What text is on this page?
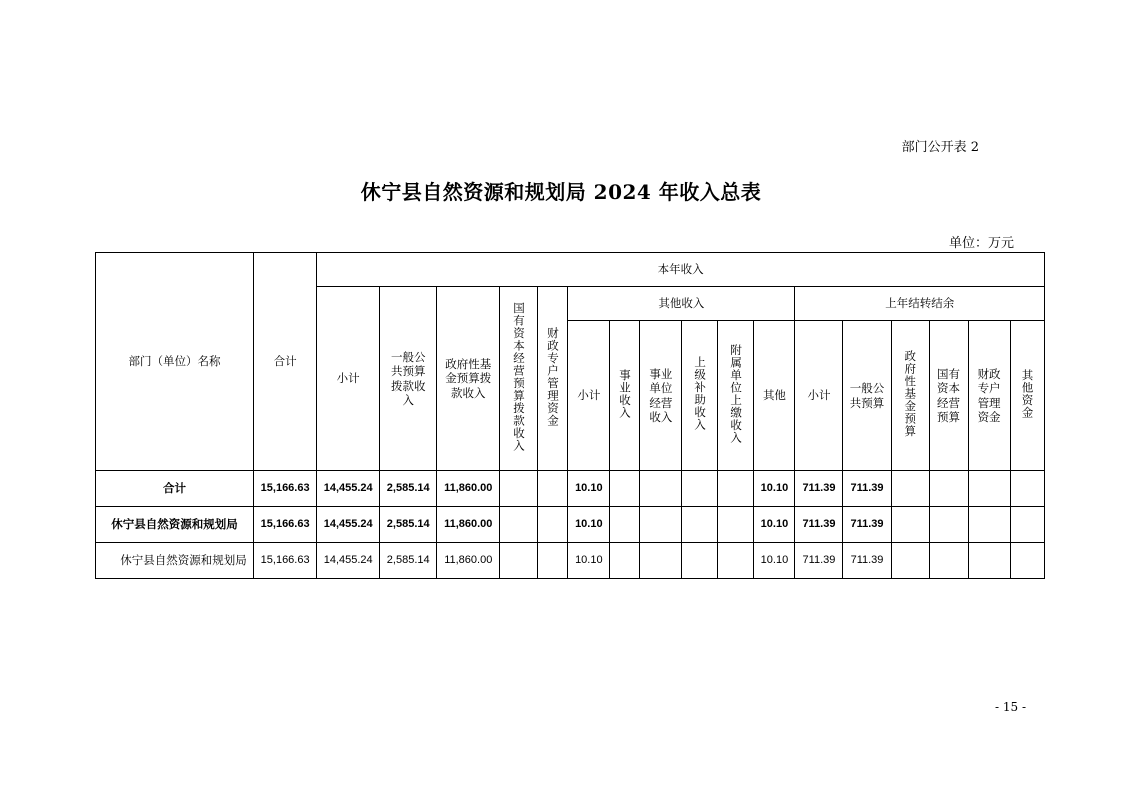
部门公开表 2
休宁县自然资源和规划局 2024 年收入总表
单位：万元
部门（单位）名称	合计	本年收入																
		小计	一般公共预算拨款收入	政府性基金预算拨款收入	国有资本经营预算拨款收入	财政专户管理资金	其他收入						上年结转结余					
							小计	事业收入	事业单位经营收入	上级补助收入	附属单位上缴收入	其他	小计	一般公共预算	政府性基金预算	国有资本经营预算	财政专户管理资金	其他资金
合计	15,166.63	14,455.24	2,585.14	11,860.00			10.10					10.10	711.39	711.39				
休宁县自然资源和规划局	15,166.63	14,455.24	2,585.14	11,860.00			10.10					10.10	711.39	711.39				
休宁县自然资源和规划局	15,166.63	14,455.24	2,585.14	11,860.00			10.10					10.10	711.39	711.39				
- 15 -
